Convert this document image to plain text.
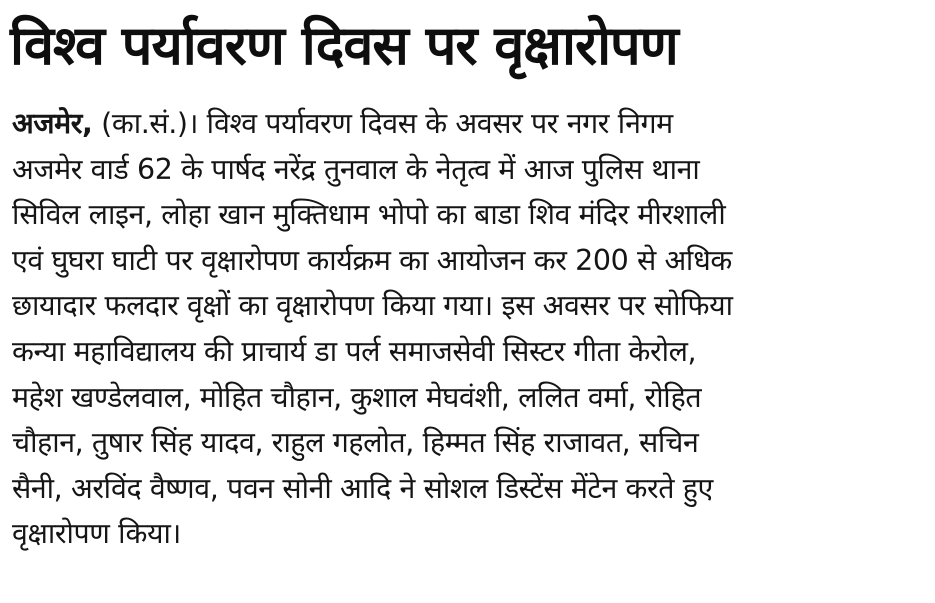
विश्व पर्यावरण दिवस पर वृक्षारोपण
अजमेर, (का.सं.)। विश्व पर्यावरण दिवस के अवसर पर नगर निगम
अजमेर वार्ड 62 के पार्षद नरेंद्र तुनवाल के नेतृत्व में आज पुलिस थाना
सिविल लाइन, लोहा खान मुक्तिधाम भोपो का बाडा शिव मंदिर मीरशाली
एवं घुघरा घाटी पर वृक्षारोपण कार्यक्रम का आयोजन कर 200 से अधिक
छायादार फलदार वृक्षों का वृक्षारोपण किया गया। इस अवसर पर सोफिया
कन्या महाविद्यालय की प्राचार्य डा पर्ल समाजसेवी सिस्टर गीता केरोल,
महेश खण्डेलवाल, मोहित चौहान, कुशाल मेघवंशी, ललित वर्मा, रोहित
चौहान, तुषार सिंह यादव, राहुल गहलोत, हिम्मत सिंह राजावत, सचिन
सैनी, अरविंद वैष्णव, पवन सोनी आदि ने सोशल डिस्टेंस मेंटेन करते हुए
वृक्षारोपण किया।
